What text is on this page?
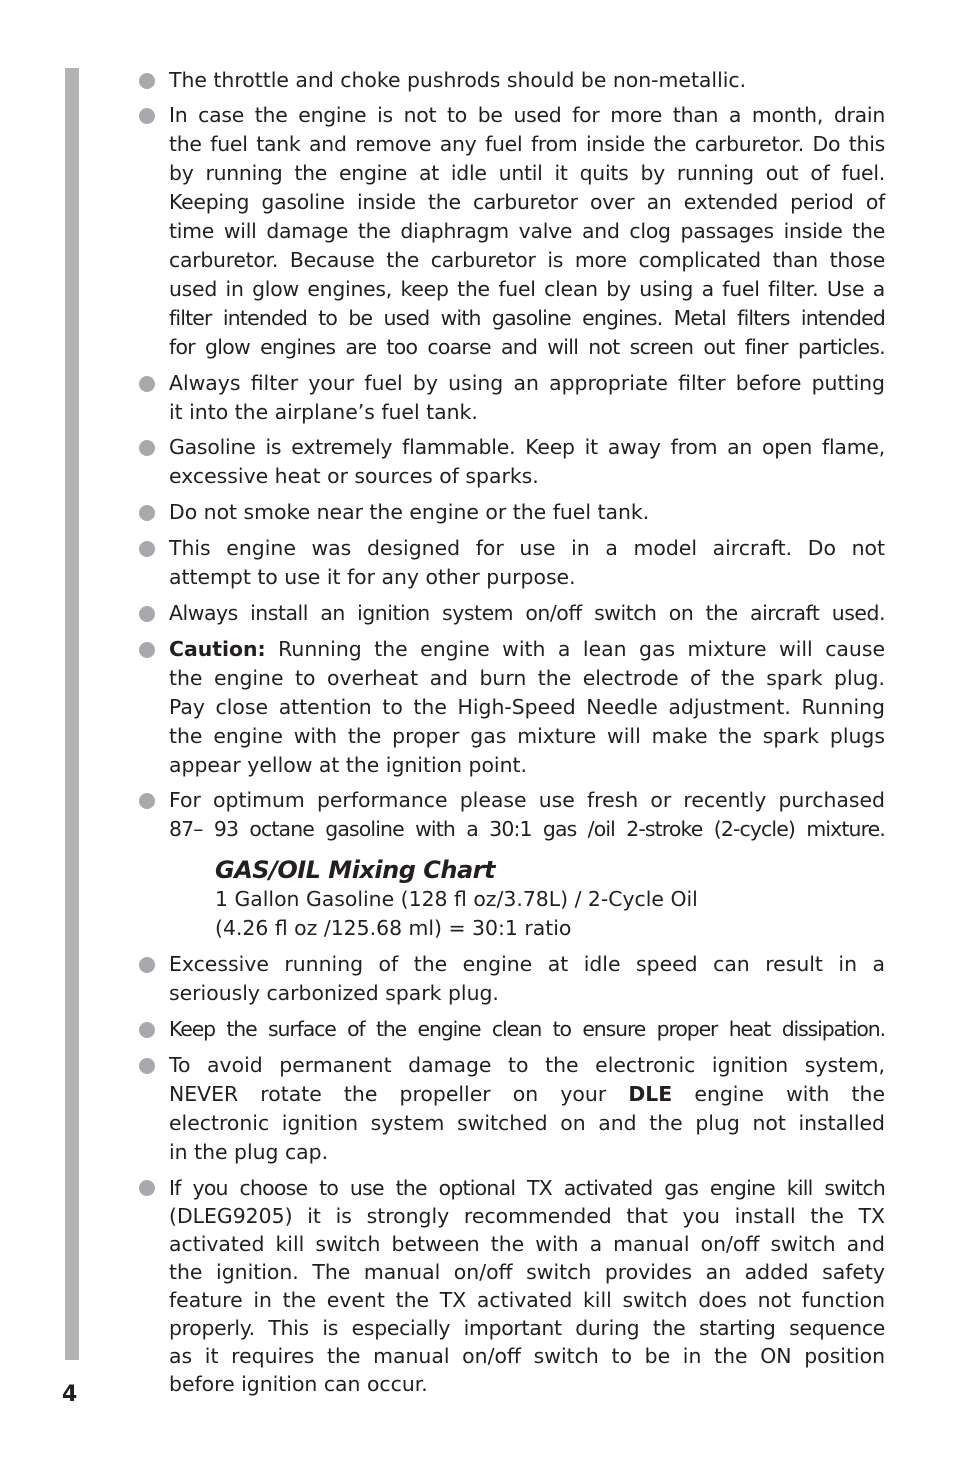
The throttle and choke pushrods should be non-metallic.
In case the engine is not to be used for more than a month, drain
the fuel tank and remove any fuel from inside the carburetor. Do this
by running the engine at idle until it quits by running out of fuel.
Keeping gasoline inside the carburetor over an extended period of
time will damage the diaphragm valve and clog passages inside the
carburetor. Because the carburetor is more complicated than those
used in glow engines, keep the fuel clean by using a fuel filter. Use a
filter intended to be used with gasoline engines. Metal filters intended
for glow engines are too coarse and will not screen out finer particles.
Always filter your fuel by using an appropriate filter before putting
it into the airplane’s fuel tank.
Gasoline is extremely flammable. Keep it away from an open flame,
excessive heat or sources of sparks.
Do not smoke near the engine or the fuel tank.
This engine was designed for use in a model aircraft. Do not
attempt to use it for any other purpose.
Always install an ignition system on/off switch on the aircraft used.
Caution: Running the engine with a lean gas mixture will cause
the engine to overheat and burn the electrode of the spark plug.
Pay close attention to the High-Speed Needle adjustment. Running
the engine with the proper gas mixture will make the spark plugs
appear yellow at the ignition point.
For optimum performance please use fresh or recently purchased
87– 93 octane gasoline with a 30:1 gas /oil 2-stroke (2-cycle) mixture.
GAS/OIL Mixing Chart
1 Gallon Gasoline (128 fl oz/3.78L) / 2-Cycle Oil
(4.26 fl oz /125.68 ml) = 30:1 ratio
Excessive running of the engine at idle speed can result in a
seriously carbonized spark plug.
Keep the surface of the engine clean to ensure proper heat dissipation.
To avoid permanent damage to the electronic ignition system,
NEVER rotate the propeller on your DLE engine with the
electronic ignition system switched on and the plug not installed
in the plug cap.
If you choose to use the optional TX activated gas engine kill switch
(DLEG9205) it is strongly recommended that you install the TX
activated kill switch between the with a manual on/off switch and
the ignition. The manual on/off switch provides an added safety
feature in the event the TX activated kill switch does not function
properly. This is especially important during the starting sequence
as it requires the manual on/off switch to be in the ON position
before ignition can occur.
4
